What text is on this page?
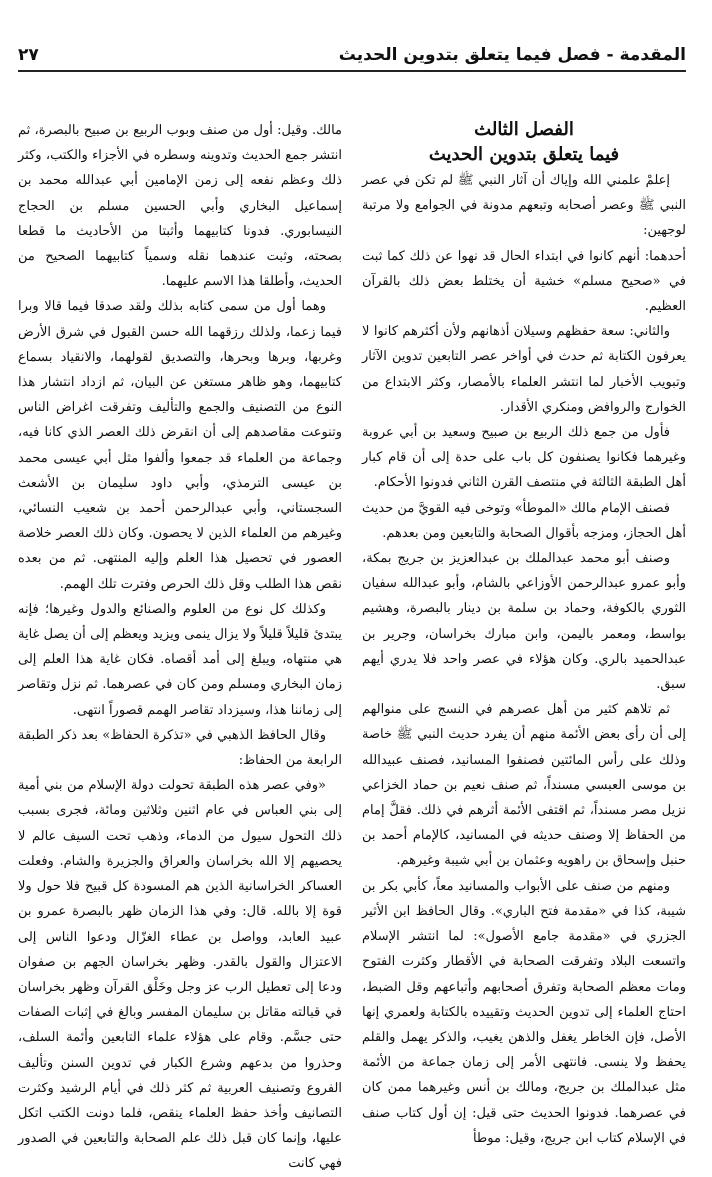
المقدمة - فصل فيما يتعلق بتدوين الحديث
٢٧

الفصل الثالث

فيما يتعلق بتدوين الحديث

إعلمْ علمني الله وإياك أن آثار النبي ﷺ لم تكن في عصر النبي ﷺ وعصر أصحابه وتبعهم مدونة في الجوامع ولا مرتبة لوجهين:

أحدهما: أنهم كانوا في ابتداء الحال قد نهوا عن ذلك كما ثبت في «صحيح مسلم» خشية أن يختلط بعض ذلك بالقرآن العظيم.

والثاني: سعة حفظهم وسيلان أذهانهم ولأن أكثرهم كانوا لا يعرفون الكتابة ثم حدث في أواخر عصر التابعين تدوين الآثار وتبويب الأخبار لما انتشر العلماء بالأمصار، وكثر الابتداع من الخوارج والروافض ومنكري الأقدار.

فأول من جمع ذلك الربيع بن صبيح وسعيد بن أبي عروبة وغيرهما فكانوا يصنفون كل باب على حدة إلى أن قام كبار أهل الطبقة الثالثة في منتصف القرن الثاني فدونوا الأحكام.

فصنف الإمام مالك «الموطأ» وتوخى فيه القويَّ من حديث أهل الحجاز، ومزجه بأقوال الصحابة والتابعين ومن بعدهم.

وصنف أبو محمد عبدالملك بن عبدالعزيز بن جريج بمكة، وأبو عمرو عبدالرحمن الأوزاعي بالشام، وأبو عبدالله سفيان الثوري بالكوفة، وحماد بن سلمة بن دينار بالبصرة، وهشيم بواسط، ومعمر باليمن، وابن مبارك بخراسان، وجرير بن عبدالحميد بالري. وكان هؤلاء في عصر واحد فلا يدري أيهم سبق.

ثم تلاهم كثير من أهل عصرهم في النسج على منوالهم إلى أن رأى بعض الأئمة منهم أن يفرد حديث النبي ﷺ خاصة وذلك على رأس المائتين فصنفوا المسانيد، فصنف عبيدالله بن موسى العبسي مسنداً، ثم صنف نعيم بن حماد الخزاعي نزيل مصر مسنداً، ثم اقتفى الأئمة أثرهم في ذلك. فقلَّ إمام من الحفاظ إلا وصنف حديثه في المسانيد، كالإمام أحمد بن حنبل وإسحاق بن راهويه وعثمان بن أبي شيبة وغيرهم.

ومنهم من صنف على الأبواب والمسانيد معاً، كأبي بكر بن شيبة، كذا في «مقدمة فتح الباري». وقال الحافظ ابن الأثير الجزري في «مقدمة جامع الأصول»: لما انتشر الإسلام واتسعت البلاد وتفرقت الصحابة في الأقطار وكثرت الفتوح ومات معظم الصحابة وتفرق أصحابهم وأتباعهم وقل الضبط، احتاج العلماء إلى تدوين الحديث وتقييده بالكتابة ولعمري إنها الأصل، فإن الخاطر يغفل والذهن يغيب، والذكر يهمل والقلم يحفظ ولا ينسى. فانتهى الأمر إلى زمان جماعة من الأئمة مثل عبدالملك بن جريج، ومالك بن أنس وغيرهما ممن كان في عصرهما. فدونوا الحديث حتى قيل: إن أول كتاب صنف في الإسلام كتاب ابن جريج، وقيل: موطأ

مالك. وقيل: أول من صنف وبوب الربيع بن صبيح بالبصرة، ثم انتشر جمع الحديث وتدوينه وسطره في الأجزاء والكتب، وكثر ذلك وعظم نفعه إلى زمن الإمامين أبي عبدالله محمد بن إسماعيل البخاري وأبي الحسين مسلم بن الحجاج النيسابوري. فدونا كتابيهما وأثبتا من الأحاديث ما قطعا بصحته، وثبت عندهما نقله وسمياً كتابيهما الصحيح من الحديث، وأطلقا هذا الاسم عليهما.

وهما أول من سمى كتابه بذلك ولقد صدقا فيما قالا وبرا فيما زعما، ولذلك رزقهما الله حسن القبول في شرق الأرض وغربها، وبرها وبحرها، والتصديق لقولهما، والانقياد بسماع كتابيهما، وهو ظاهر مستغن عن البيان، ثم ازداد انتشار هذا النوع من التصنيف والجمع والتأليف وتفرقت اغراض الناس وتنوعت مقاصدهم إلى أن انقرض ذلك العصر الذي كانا فيه، وجماعة من العلماء قد جمعوا وألفوا مثل أبي عيسى محمد بن عيسى الترمذي، وأبي داود سليمان بن الأشعث السجستاني، وأبي عبدالرحمن أحمد بن شعيب النسائي، وغيرهم من العلماء الذين لا يحصون. وكان ذلك العصر خلاصة العصور في تحصيل هذا العلم وإليه المنتهى. ثم من بعده نقص هذا الطلب وقل ذلك الحرص وفترت تلك الهمم.

وكذلك كل نوع من العلوم والصنائع والدول وغيرها؛ فإنه يبتدئ قليلاً قليلاً ولا يزال ينمى ويزيد ويعظم إلى أن يصل غاية هي منتهاه، ويبلغ إلى أمد أقصاه. فكان غاية هذا العلم إلى زمان البخاري ومسلم ومن كان في عصرهما. ثم نزل وتقاصر إلى زماننا هذا، وسيزداد تقاصر الهمم قصوراً انتهى.

وقال الحافظ الذهبي في «تذكرة الحفاظ» بعد ذكر الطبقة الرابعة من الحفاظ:

«وفي عصر هذه الطبقة تحولت دولة الإسلام من بني أمية إلى بني العباس في عام اثنين وثلاثين ومائة، فجرى بسبب ذلك التحول سيول من الدماء، وذهب تحت السيف عالم لا يحصيهم إلا الله بخراسان والعراق والجزيرة والشام. وفعلت العساكر الخراسانية الذين هم المسودة كل قبيح فلا حول ولا قوة إلا بالله. قال: وفي هذا الزمان ظهر بالبصرة عمرو بن عبيد العابد، وواصل بن عطاء الغزّال ودعوا الناس إلى الاعتزال والقول بالقدر. وظهر بخراسان الجهم بن صفوان ودعا إلى تعطيل الرب عز وجل وخَلْق القرآن وظهر بخراسان في قبالته مقاتل بن سليمان المفسر وبالغ في إثبات الصفات حتى جسَّم. وقام على هؤلاء علماء التابعين وأئمة السلف، وحذروا من بدعهم وشرع الكبار في تدوين السنن وتأليف الفروع وتصنيف العربية ثم كثر ذلك في أيام الرشيد وكثرت التصانيف وأخذ حفظ العلماء ينقص، فلما دونت الكتب اتكل عليها، وإنما كان قبل ذلك علم الصحابة والتابعين في الصدور فهي كانت
